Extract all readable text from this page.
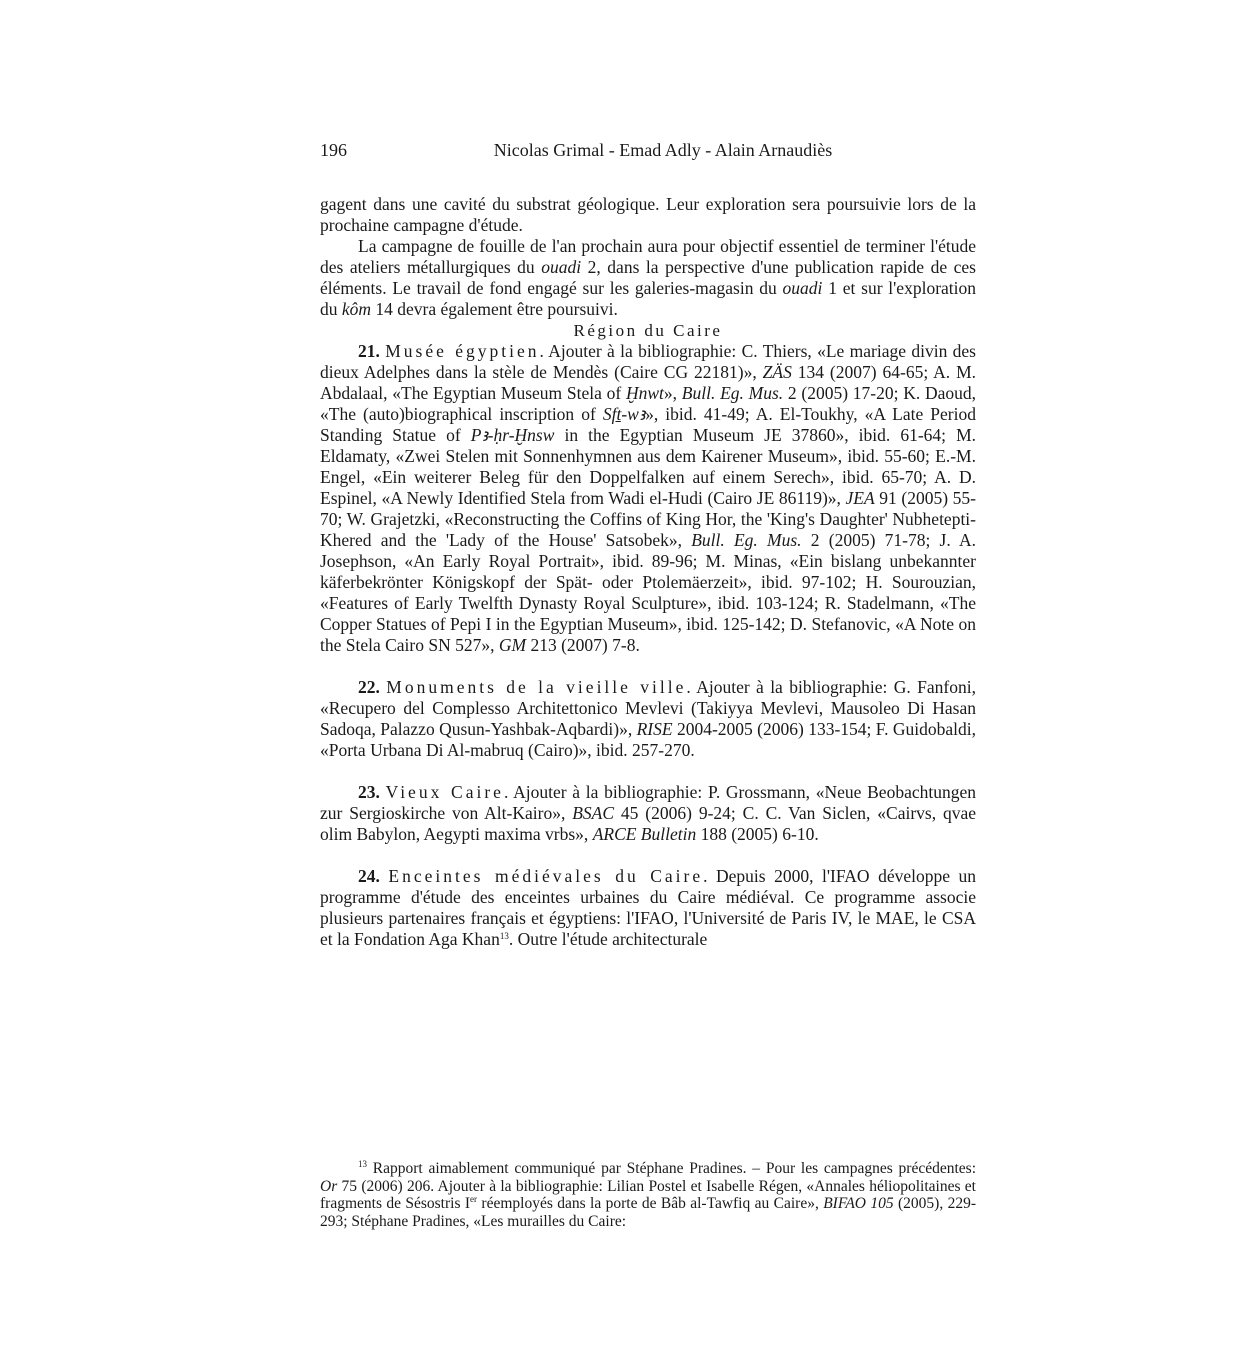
196	Nicolas Grimal - Emad Adly - Alain Arnaudiès

gagent dans une cavité du substrat géologique. Leur exploration sera poursuivie lors de la prochaine campagne d'étude.

La campagne de fouille de l'an prochain aura pour objectif essentiel de terminer l'étude des ateliers métallurgiques du ouadi 2, dans la perspective d'une publication rapide de ces éléments. Le travail de fond engagé sur les galeries-magasin du ouadi 1 et sur l'exploration du kôm 14 devra également être poursuivi.

Région du Caire

21. Musée égyptien. Ajouter à la bibliographie: C. Thiers, «Le mariage divin des dieux Adelphes dans la stèle de Mendès (Caire CG 22181)», ZÄS 134 (2007) 64-65; A. M. Abdalaal, «The Egyptian Museum Stela of Ḫnwt», Bull. Eg. Mus. 2 (2005) 17-20; K. Daoud, «The (auto)biographical inscription of Sfṯ-wꜣ», ibid. 41-49; A. El-Toukhy, «A Late Period Standing Statue of Pꜣ-ḥr-Ḫnsw in the Egyptian Museum JE 37860», ibid. 61-64; M. Eldamaty, «Zwei Stelen mit Sonnenhymnen aus dem Kairener Museum», ibid. 55-60; E.-M. Engel, «Ein weiterer Beleg für den Doppelfalken auf einem Serech», ibid. 65-70; A. D. Espinel, «A Newly Identified Stela from Wadi el-Hudi (Cairo JE 86119)», JEA 91 (2005) 55-70; W. Grajetzki, «Reconstructing the Coffins of King Hor, the 'King's Daughter' Nubhetepti-Khered and the 'Lady of the House' Satsobek», Bull. Eg. Mus. 2 (2005) 71-78; J. A. Josephson, «An Early Royal Portrait», ibid. 89-96; M. Minas, «Ein bislang unbekannter käferbekrönter Königskopf der Spät- oder Ptolemäerzeit», ibid. 97-102; H. Sourouzian, «Features of Early Twelfth Dynasty Royal Sculpture», ibid. 103-124; R. Stadelmann, «The Copper Statues of Pepi I in the Egyptian Museum», ibid. 125-142; D. Stefanovic, «A Note on the Stela Cairo SN 527», GM 213 (2007) 7-8.

22. Monuments de la vieille ville. Ajouter à la bibliographie: G. Fanfoni, «Recupero del Complesso Architettonico Mevlevi (Takiyya Mevlevi, Mausoleo Di Hasan Sadoqa, Palazzo Qusun-Yashbak-Aqbardi)», RISE 2004-2005 (2006) 133-154; F. Guidobaldi, «Porta Urbana Di Al-mabruq (Cairo)», ibid. 257-270.

23. Vieux Caire. Ajouter à la bibliographie: P. Grossmann, «Neue Beobachtungen zur Sergioskirche von Alt-Kairo», BSAC 45 (2006) 9-24; C. C. Van Siclen, «Cairvs, qvae olim Babylon, Aegypti maxima vrbs», ARCE Bulletin 188 (2005) 6-10.

24. Enceintes médiévales du Caire. Depuis 2000, l'IFAO développe un programme d'étude des enceintes urbaines du Caire médiéval. Ce programme associe plusieurs partenaires français et égyptiens: l'IFAO, l'Université de Paris IV, le MAE, le CSA et la Fondation Aga Khan$^{13}$. Outre l'étude architecturale

$^{13}$ Rapport aimablement communiqué par Stéphane Pradines. – Pour les campagnes précédentes: Or 75 (2006) 206. Ajouter à la bibliographie: Lilian Postel et Isabelle Régen, «Annales héliopolitaines et fragments de Sésostris Ier réemployés dans la porte de Bâb al-Tawfiq au Caire», BIFAO 105 (2005), 229-293; Stéphane Pradines, «Les murailles du Caire:
